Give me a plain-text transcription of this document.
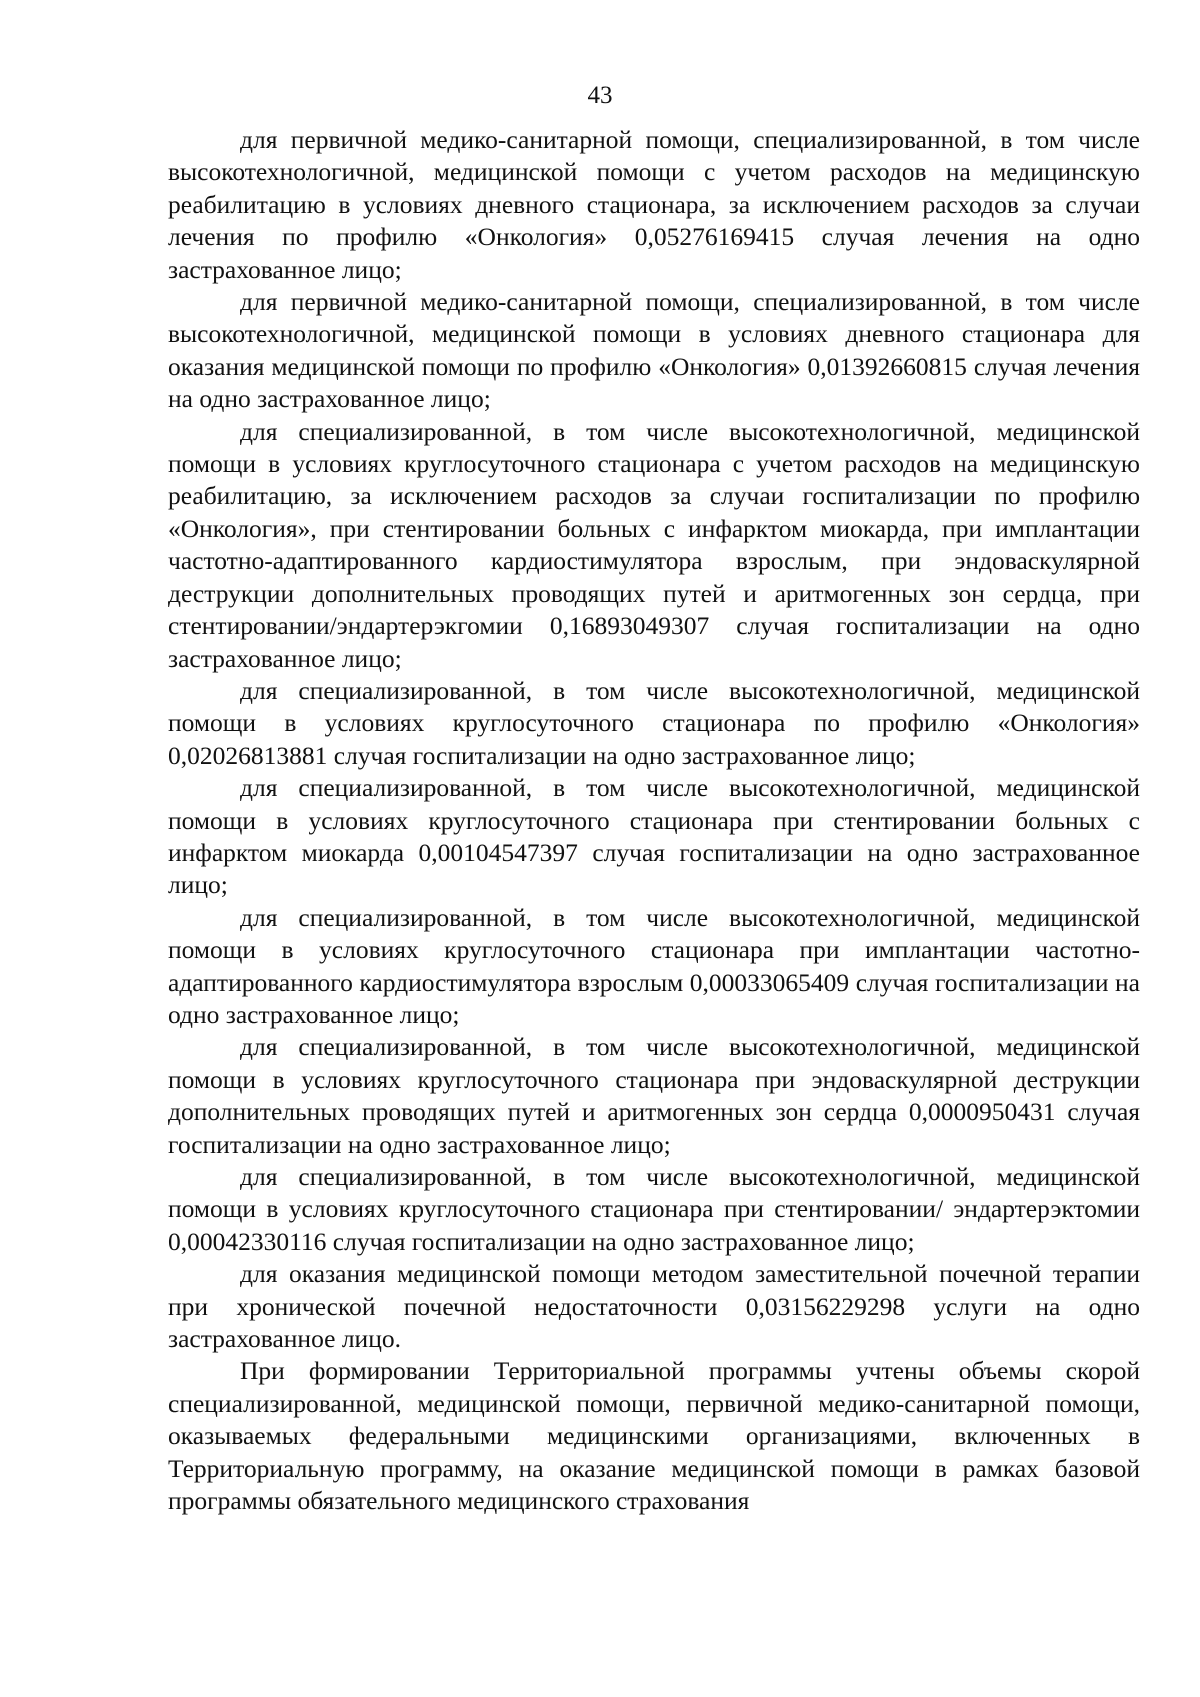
43

для первичной медико-санитарной помощи, специализированной, в том числе высокотехнологичной, медицинской помощи с учетом расходов на медицинскую реабилитацию в условиях дневного стационара, за исключением расходов за случаи лечения по профилю «Онкология» 0,05276169415 случая лечения на одно застрахованное лицо;

для первичной медико-санитарной помощи, специализированной, в том числе высокотехнологичной, медицинской помощи в условиях дневного стационара для оказания медицинской помощи по профилю «Онкология» 0,01392660815 случая лечения на одно застрахованное лицо;

для специализированной, в том числе высокотехнологичной, медицинской помощи в условиях круглосуточного стационара с учетом расходов на медицинскую реабилитацию, за исключением расходов за случаи госпитализации по профилю «Онкология», при стентировании больных с инфарктом миокарда, при имплантации частотно-адаптированного кардиостимулятора взрослым, при эндоваскулярной деструкции дополнительных проводящих путей и аритмогенных зон сердца, при стентировании/эндартерэкгомии 0,16893049307 случая госпитализации на одно застрахованное лицо;

для специализированной, в том числе высокотехнологичной, медицинской помощи в условиях круглосуточного стационара по профилю «Онкология» 0,02026813881 случая госпитализации на одно застрахованное лицо;

для специализированной, в том числе высокотехнологичной, медицинской помощи в условиях круглосуточного стационара при стентировании больных с инфарктом миокарда 0,00104547397 случая госпитализации на одно застрахованное лицо;

для специализированной, в том числе высокотехнологичной, медицинской помощи в условиях круглосуточного стационара при имплантации частотно-адаптированного кардиостимулятора взрослым 0,00033065409 случая госпитализации на одно застрахованное лицо;

для специализированной, в том числе высокотехнологичной, медицинской помощи в условиях круглосуточного стационара при эндоваскулярной деструкции дополнительных проводящих путей и аритмогенных зон сердца 0,0000950431 случая госпитализации на одно застрахованное лицо;

для специализированной, в том числе высокотехнологичной, медицинской помощи в условиях круглосуточного стационара при стентировании/ эндартерэктомии 0,00042330116 случая госпитализации на одно застрахованное лицо;

для оказания медицинской помощи методом заместительной почечной терапии при хронической почечной недостаточности 0,03156229298 услуги на одно застрахованное лицо.

При формировании Территориальной программы учтены объемы скорой специализированной, медицинской помощи, первичной медико-санитарной помощи, оказываемых федеральными медицинскими организациями, включенных в Территориальную программу, на оказание медицинской помощи в рамках базовой программы обязательного медицинского страхования
